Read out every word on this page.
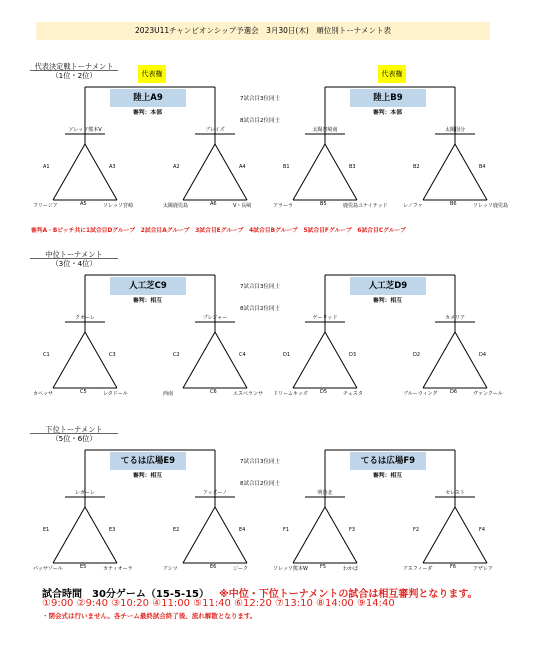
2023U11チャンピオンシップ予選会　3月30日(木)　順位別トーナメント表
代表決定戦トーナメント
（1位・2位）
7試合目3位同士
8試合目2位同士
代表権
陸上A9
審判：本部
ソレッソ熊本V
A1	A3
フリージア	A5	ソレッソ宮崎
ブレイズ
A2	A4
太陽鹿児島	A6	V・長崎
代表権
陸上B9
審判：本部
太陽宮崎南
B1	B3
アラーラ	B5	鹿児島ユナイテッド
太陽国分
B2	B4
レノファ	B6	ソレッソ鹿児島
中位トーナメント
（3位・4位）
7試合目3位同士
8試合目2位同士
人工芝C9
審判：相互
クオーレ
C1	C3
カペッサ	C5	レタドール
プレジャー
C2	C4
西南	C6	エスペランサ
人工芝D9
審判：相互
ゲーリッド
D1	D3
ドリームキッズ D5	チェスタ
カメリア
D2	D4
ブルーウィング	D6	ヴァンクール
下位トーナメント
（5位・6位）
7試合目3位同士
8試合目2位同士
てるは広場E9
審判：相互
レガーレ
E1	E3
パッサゾール	E5	カティオーラ
アッズーノ
E2	E4
アシツ	E6	ジーク
てるは広場F9
審判：相互
明治北
F1	F3
ソレッソ熊本W F5	わかば
セレスト
F2	F4
アスフィーダ	F6	アザレア
審判A・Bピッチ共に1試合目Dグループ　2試合目Aグループ　3試合目Eグループ　4試合目Bグループ　5試合目Fグループ　6試合目Cグループ
試合時間　30分ゲーム（15-5-15） ※中位・下位トーナメントの試合は相互審判となります。
①9:00 ②9:40 ③10:20 ④11:00 ⑤11:40 ⑥12:20 ⑦13:10 ⑧14:00 ⑨14:40
・閉会式は行いません。各チーム最終試合終了後、流れ解散となります。
